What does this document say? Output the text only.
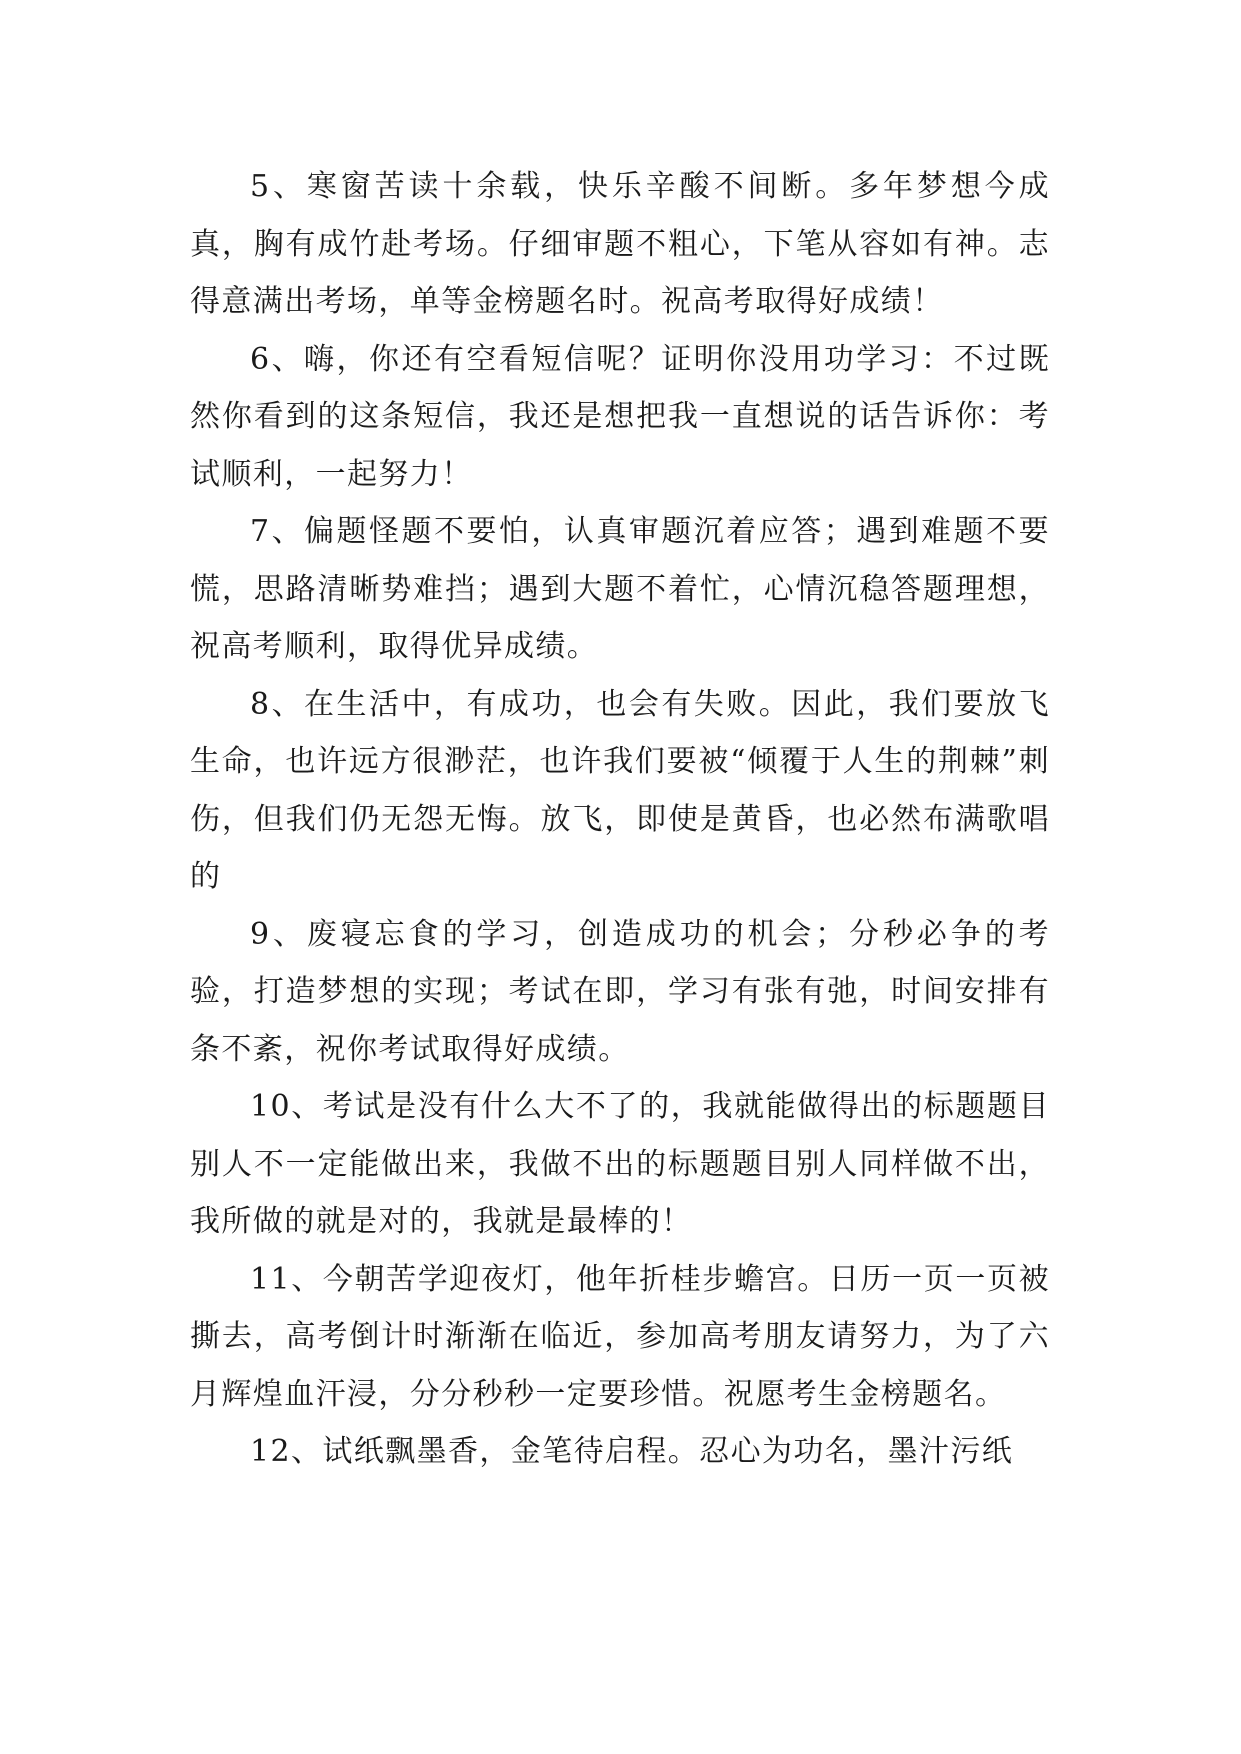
5、寒窗苦读十余载，快乐辛酸不间断。多年梦想今成真，胸有成竹赴考场。仔细审题不粗心，下笔从容如有神。志得意满出考场，单等金榜题名时。祝高考取得好成绩！

6、嗨，你还有空看短信呢？证明你没用功学习：不过既然你看到的这条短信，我还是想把我一直想说的话告诉你：考试顺利，一起努力！

7、偏题怪题不要怕，认真审题沉着应答；遇到难题不要慌，思路清晰势难挡；遇到大题不着忙，心情沉稳答题理想，祝高考顺利，取得优异成绩。

8、在生活中，有成功，也会有失败。因此，我们要放飞生命，也许远方很渺茫，也许我们要被“倾覆于人生的荆棘”刺伤，但我们仍无怨无悔。放飞，即使是黄昏，也必然布满歌唱的

9、废寝忘食的学习，创造成功的机会；分秒必争的考验，打造梦想的实现；考试在即，学习有张有弛，时间安排有条不紊，祝你考试取得好成绩。

10、考试是没有什么大不了的，我就能做得出的标题题目别人不一定能做出来，我做不出的标题题目别人同样做不出，我所做的就是对的，我就是最棒的！

11、今朝苦学迎夜灯，他年折桂步蟾宫。日历一页一页被撕去，高考倒计时渐渐在临近，参加高考朋友请努力，为了六月辉煌血汗浸，分分秒秒一定要珍惜。祝愿考生金榜题名。

12、试纸飘墨香，金笔待启程。忍心为功名，墨汁污纸
